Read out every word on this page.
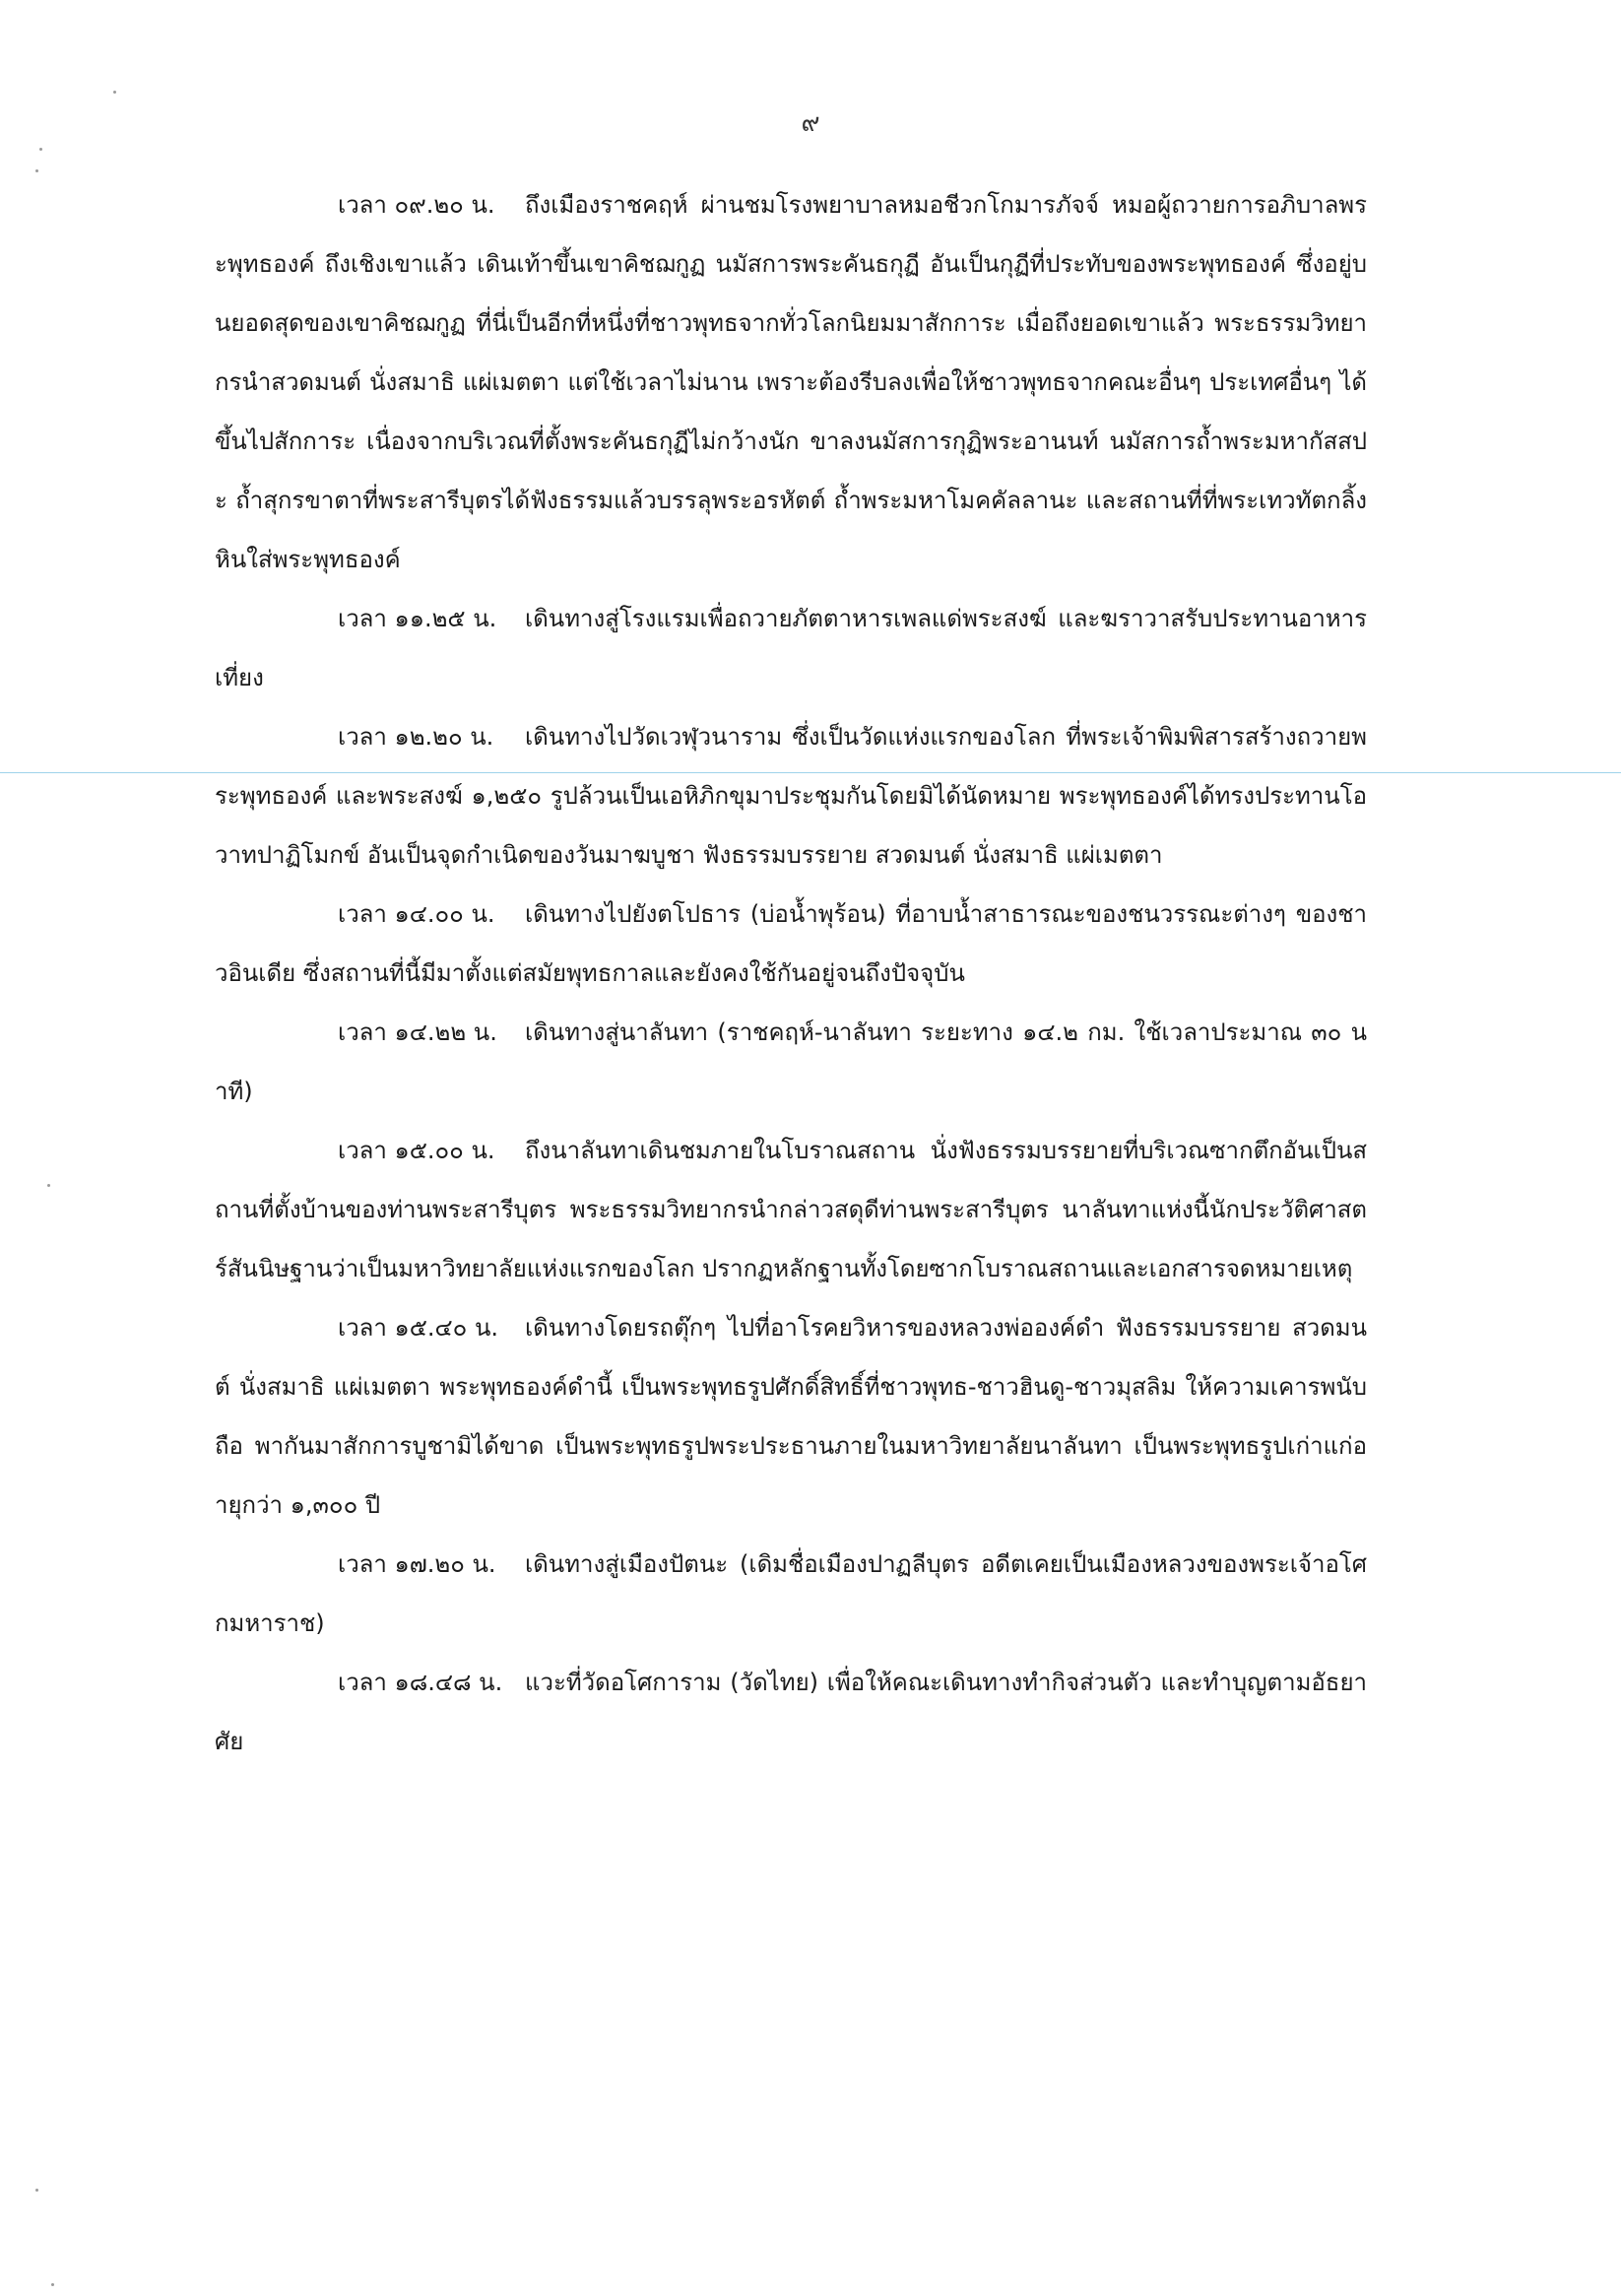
๙

เวลา ๐๙.๒๐ น. ถึงเมืองราชคฤห์ ผ่านชมโรงพยาบาลหมอชีวกโกมารภัจจ์ หมอผู้ถวายการอภิบาลพระพุทธองค์ ถึงเชิงเขาแล้ว เดินเท้าขึ้นเขาคิชฌกูฏ นมัสการพระคันธกุฏี อันเป็นกุฏีที่ประทับของพระพุทธองค์ ซึ่งอยู่บนยอดสุดของเขาคิชฌกูฏ ที่นี่เป็นอีกที่หนึ่งที่ชาวพุทธจากทั่วโลกนิยมมาสักการะ เมื่อถึงยอดเขาแล้ว พระธรรมวิทยากรนำสวดมนต์ นั่งสมาธิ แผ่เมตตา แต่ใช้เวลาไม่นาน เพราะต้องรีบลงเพื่อให้ชาวพุทธจากคณะอื่นๆ ประเทศอื่นๆ ได้ขึ้นไปสักการะ เนื่องจากบริเวณที่ตั้งพระคันธกุฏีไม่กว้างนัก ขาลงนมัสการกุฏิพระอานนท์ นมัสการถ้ำพระมหากัสสปะ ถ้ำสุกรขาตาที่พระสารีบุตรได้ฟังธรรมแล้วบรรลุพระอรหัตต์ ถ้ำพระมหาโมคคัลลานะ และสถานที่ที่พระเทวทัตกลิ้งหินใส่พระพุทธองค์

เวลา ๑๑.๒๕ น. เดินทางสู่โรงแรมเพื่อถวายภัตตาหารเพลแด่พระสงฆ์ และฆราวาสรับประทานอาหารเที่ยง

เวลา ๑๒.๒๐ น. เดินทางไปวัดเวฬุวนาราม ซึ่งเป็นวัดแห่งแรกของโลก ที่พระเจ้าพิมพิสารสร้างถวายพระพุทธองค์ และพระสงฆ์ ๑,๒๕๐ รูปล้วนเป็นเอหิภิกขุมาประชุมกันโดยมิได้นัดหมาย พระพุทธองค์ได้ทรงประทานโอวาทปาฏิโมกข์ อันเป็นจุดกำเนิดของวันมาฆบูชา ฟังธรรมบรรยาย สวดมนต์ นั่งสมาธิ แผ่เมตตา

เวลา ๑๔.๐๐ น. เดินทางไปยังตโปธาร (บ่อน้ำพุร้อน) ที่อาบน้ำสาธารณะของชนวรรณะต่างๆ ของชาวอินเดีย ซึ่งสถานที่นี้มีมาตั้งแต่สมัยพุทธกาลและยังคงใช้กันอยู่จนถึงปัจจุบัน

เวลา ๑๔.๒๒ น. เดินทางสู่นาลันทา (ราชคฤห์-นาลันทา ระยะทาง ๑๔.๒ กม. ใช้เวลาประมาณ ๓๐ นาที)

เวลา ๑๕.๐๐ น. ถึงนาลันทาเดินชมภายในโบราณสถาน นั่งฟังธรรมบรรยายที่บริเวณซากตึกอันเป็นสถานที่ตั้งบ้านของท่านพระสารีบุตร พระธรรมวิทยากรนำกล่าวสดุดีท่านพระสารีบุตร นาลันทาแห่งนี้นักประวัติศาสตร์สันนิษฐานว่าเป็นมหาวิทยาลัยแห่งแรกของโลก ปรากฏหลักฐานทั้งโดยซากโบราณสถานและเอกสารจดหมายเหตุ

เวลา ๑๕.๔๐ น. เดินทางโดยรถตุ๊กๆ ไปที่อาโรคยวิหารของหลวงพ่อองค์ดำ ฟังธรรมบรรยาย สวดมนต์ นั่งสมาธิ แผ่เมตตา พระพุทธองค์ดำนี้ เป็นพระพุทธรูปศักดิ์สิทธิ์ที่ชาวพุทธ-ชาวฮินดู-ชาวมุสลิม ให้ความเคารพนับถือ พากันมาสักการบูชามิได้ขาด เป็นพระพุทธรูปพระประธานภายในมหาวิทยาลัยนาลันทา เป็นพระพุทธรูปเก่าแก่อายุกว่า ๑,๓๐๐ ปี

เวลา ๑๗.๒๐ น. เดินทางสู่เมืองปัตนะ (เดิมชื่อเมืองปาฏลีบุตร อดีตเคยเป็นเมืองหลวงของพระเจ้าอโศกมหาราช)

เวลา ๑๘.๔๘ น. แวะที่วัดอโศการาม (วัดไทย) เพื่อให้คณะเดินทางทำกิจส่วนตัว และทำบุญตามอัธยาศัย
